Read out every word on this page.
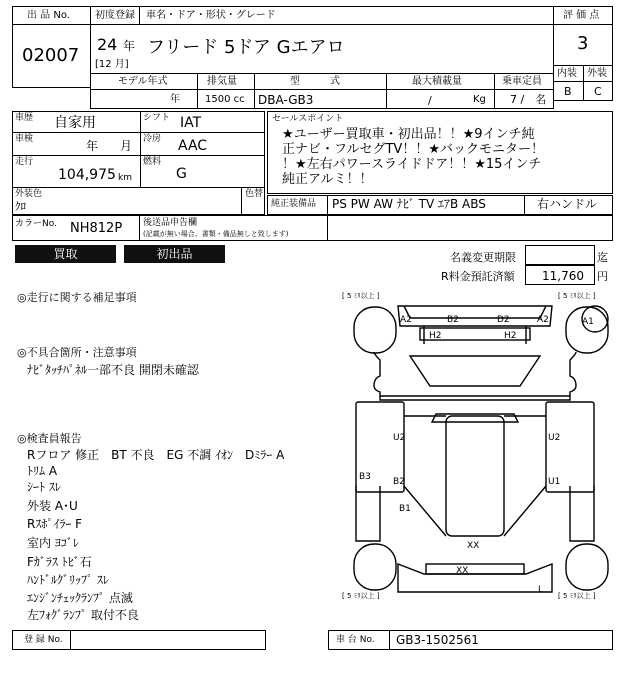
出 品 No.
02007
初度登録 車名・ドア・形状・グレード
24 年
[12 月]
フリード 5ドア Gエアロ
評 価 点
3
内装 外装
B C
モデル年式	排気量	型　　　式	最大積載量	乗車定員
年	1500 cc DBA-GB3	/	Kg 7 /　名
車歴 自家用
車検	年 月
走行
104,975 km
シフト IAT
冷房 AAC
燃料
G
外装色
ｸﾛ
色替
カラーNo. NH812P 後送品申告欄
(記載が無い場合、書類・備品無しと致します)
セールスポイント
★ユーザー買取車・初出品！！★9インチ純
正ナビ・フルセグTV！！★バックモニター！
！★左右パワースライドドア！！★15インチ
純正アルミ！！
純正装備品 PS PW AW ﾅﾋﾞ TV ｴｱB ABS	右ハンドル
買取	初出品	名義変更期限	迄
R料金預託済額 11,760 円
◎走行に関する補足事項
◎不具合箇所・注意事項
ﾅﾋﾞﾀｯﾁﾊﾟﾈﾙ一部不良 開閉未確認
◎検査員報告
Rフロア 修正　BT 不良　EG 不調 ｲｵﾝ　Dﾐﾗｰ A
ﾄﾘﾑ A
ｼｰﾄ ｽﾚ
外装 A･U
Rｽﾎﾟｲﾗｰ F
室内 ﾖｺﾞﾚ
Fｶﾞﾗｽ ﾄﾋﾞ石
ﾊﾝﾄﾞﾙｸﾞﾘｯﾌﾟ ｽﾚ
ｴﾝｼﾞﾝﾁｪｯｸﾗﾝﾌﾟ 点滅
左ﾌｫｸﾞﾗﾝﾌﾟ 取付不良
[ 5 ﾐﾘ以上 ]	[ 5 ﾐﾘ以上 ]
[ 5 ﾐﾘ以上 ]	[ 5 ﾐﾘ以上 ]
A2	B2	D2	A2
H2	H2
A1
U2	U2
B3 B2	U1
B1
XX
XX
L
登 録 No.	車 台 No. GB3-1502561
